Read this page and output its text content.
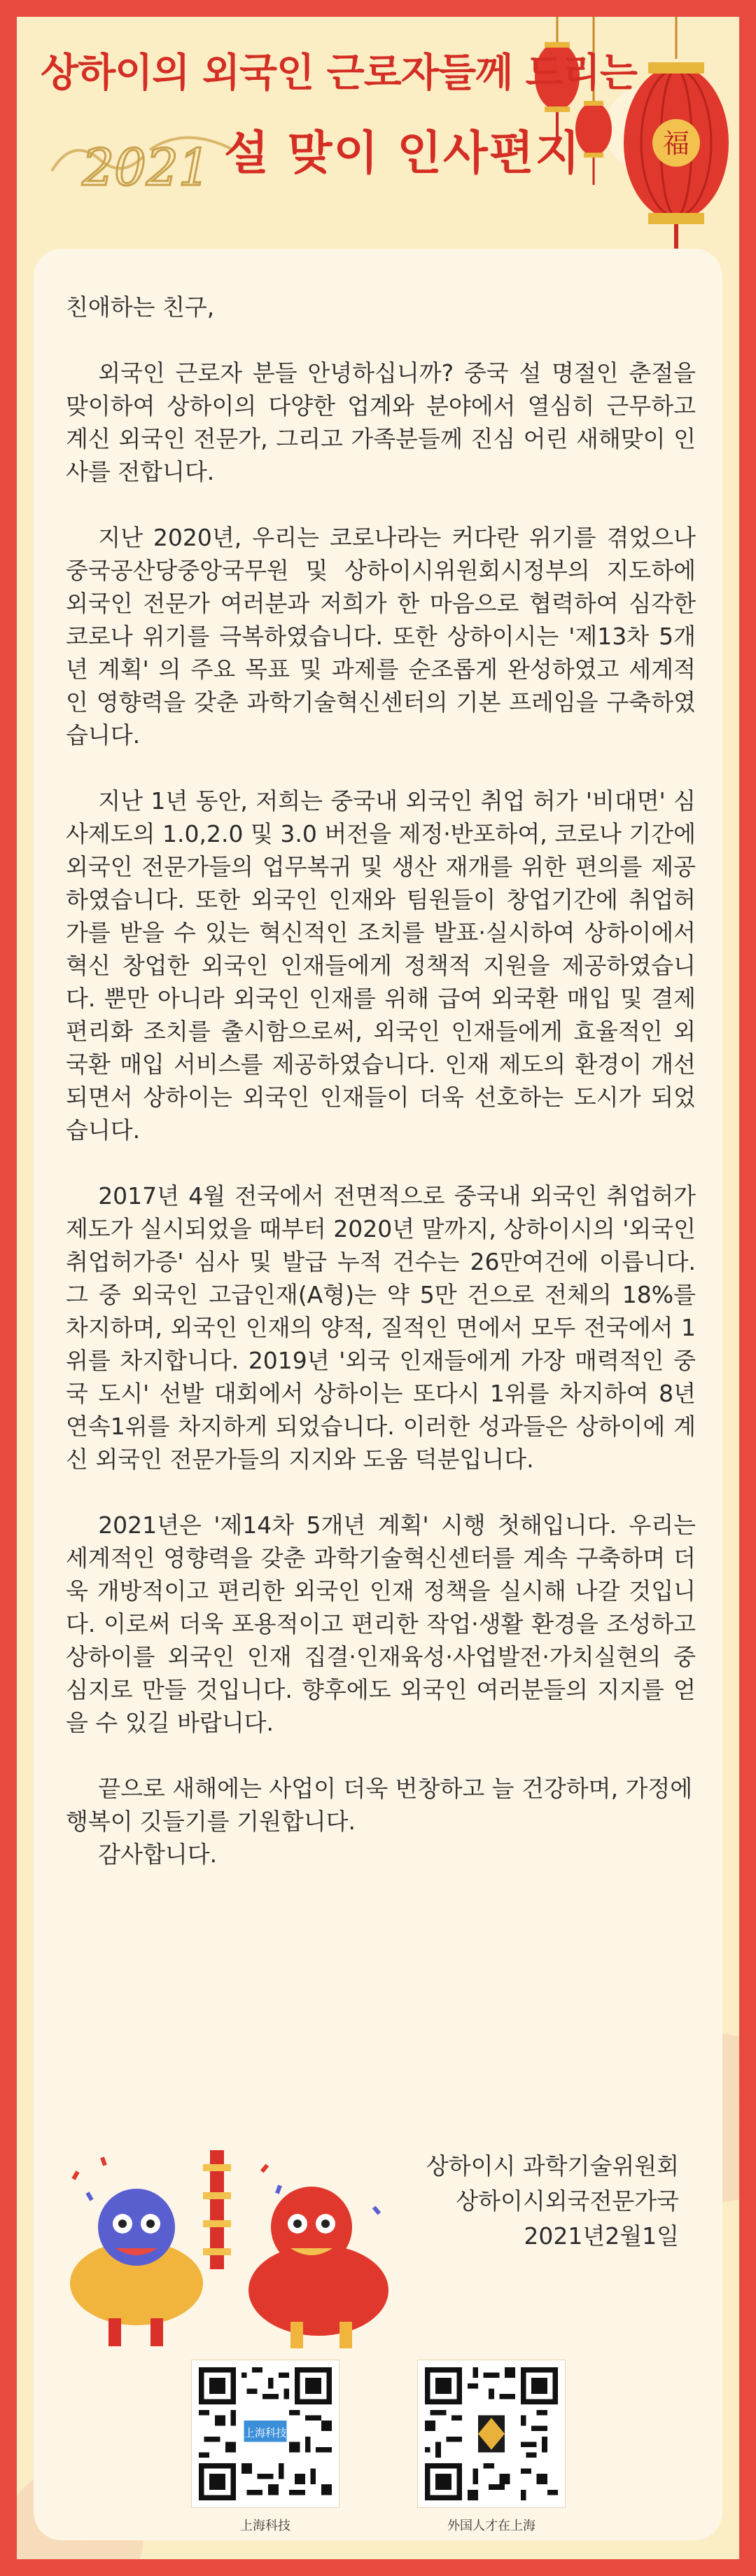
福
2021
상하이의 외국인 근로자들께 드리는
설 맞이 인사편지

친애하는 친구,

외국인 근로자 분들 안녕하십니까? 중국 설 명절인 춘절을 맞이하여 상하이의 다양한 업계와 분야에서 열심히 근무하고 계신 외국인 전문가, 그리고 가족분들께 진심 어린 새해맞이 인사를 전합니다.

지난 2020년, 우리는 코로나라는 커다란 위기를 겪었으나 중국공산당중앙국무원 및 상하이시위원회시정부의 지도하에 외국인 전문가 여러분과 저희가 한 마음으로 협력하여 심각한 코로나 위기를 극복하였습니다. 또한 상하이시는 '제13차 5개년 계획' 의 주요 목표 및 과제를 순조롭게 완성하였고 세계적인 영향력을 갖춘 과학기술혁신센터의 기본 프레임을 구축하였습니다.

지난 1년 동안, 저희는 중국내 외국인 취업 허가 '비대면' 심사제도의 1.0,2.0 및 3.0 버전을 제정·반포하여, 코로나 기간에 외국인 전문가들의 업무복귀 및 생산 재개를 위한 편의를 제공하였습니다. 또한 외국인 인재와 팀원들이 창업기간에 취업허가를 받을 수 있는 혁신적인 조치를 발표·실시하여 상하이에서 혁신 창업한 외국인 인재들에게 정책적 지원을 제공하였습니다. 뿐만 아니라 외국인 인재를 위해 급여 외국환 매입 및 결제 편리화 조치를 출시함으로써, 외국인 인재들에게 효율적인 외국환 매입 서비스를 제공하였습니다. 인재 제도의 환경이 개선되면서 상하이는 외국인 인재들이 더욱 선호하는 도시가 되었습니다.

2017년 4월 전국에서 전면적으로 중국내 외국인 취업허가 제도가 실시되었을 때부터 2020년 말까지, 상하이시의 '외국인 취업허가증' 심사 및 발급 누적 건수는 26만여건에 이릅니다. 그 중 외국인 고급인재(A형)는 약 5만 건으로 전체의 18%를 차지하며, 외국인 인재의 양적, 질적인 면에서 모두 전국에서 1위를 차지합니다. 2019년 '외국 인재들에게 가장 매력적인 중국 도시' 선발 대회에서 상하이는 또다시 1위를 차지하여 8년 연속1위를 차지하게 되었습니다. 이러한 성과들은 상하이에 계신 외국인 전문가들의 지지와 도움 덕분입니다.

2021년은 '제14차 5개년 계획' 시행 첫해입니다. 우리는 세계적인 영향력을 갖춘 과학기술혁신센터를 계속 구축하며 더욱 개방적이고 편리한 외국인 인재 정책을 실시해 나갈 것입니다. 이로써 더욱 포용적이고 편리한 작업·생활 환경을 조성하고 상하이를 외국인 인재 집결·인재육성·사업발전·가치실현의 중심지로 만들 것입니다. 향후에도 외국인 여러분들의 지지를 얻을 수 있길 바랍니다.

끝으로 새해에는 사업이 더욱 번창하고 늘 건강하며, 가정에 행복이 깃들기를 기원합니다.

감사합니다.

상하이시 과학기술위원회
상하이시외국전문가국
2021년2월1일
上海科技
上海科技	外国人才在上海
